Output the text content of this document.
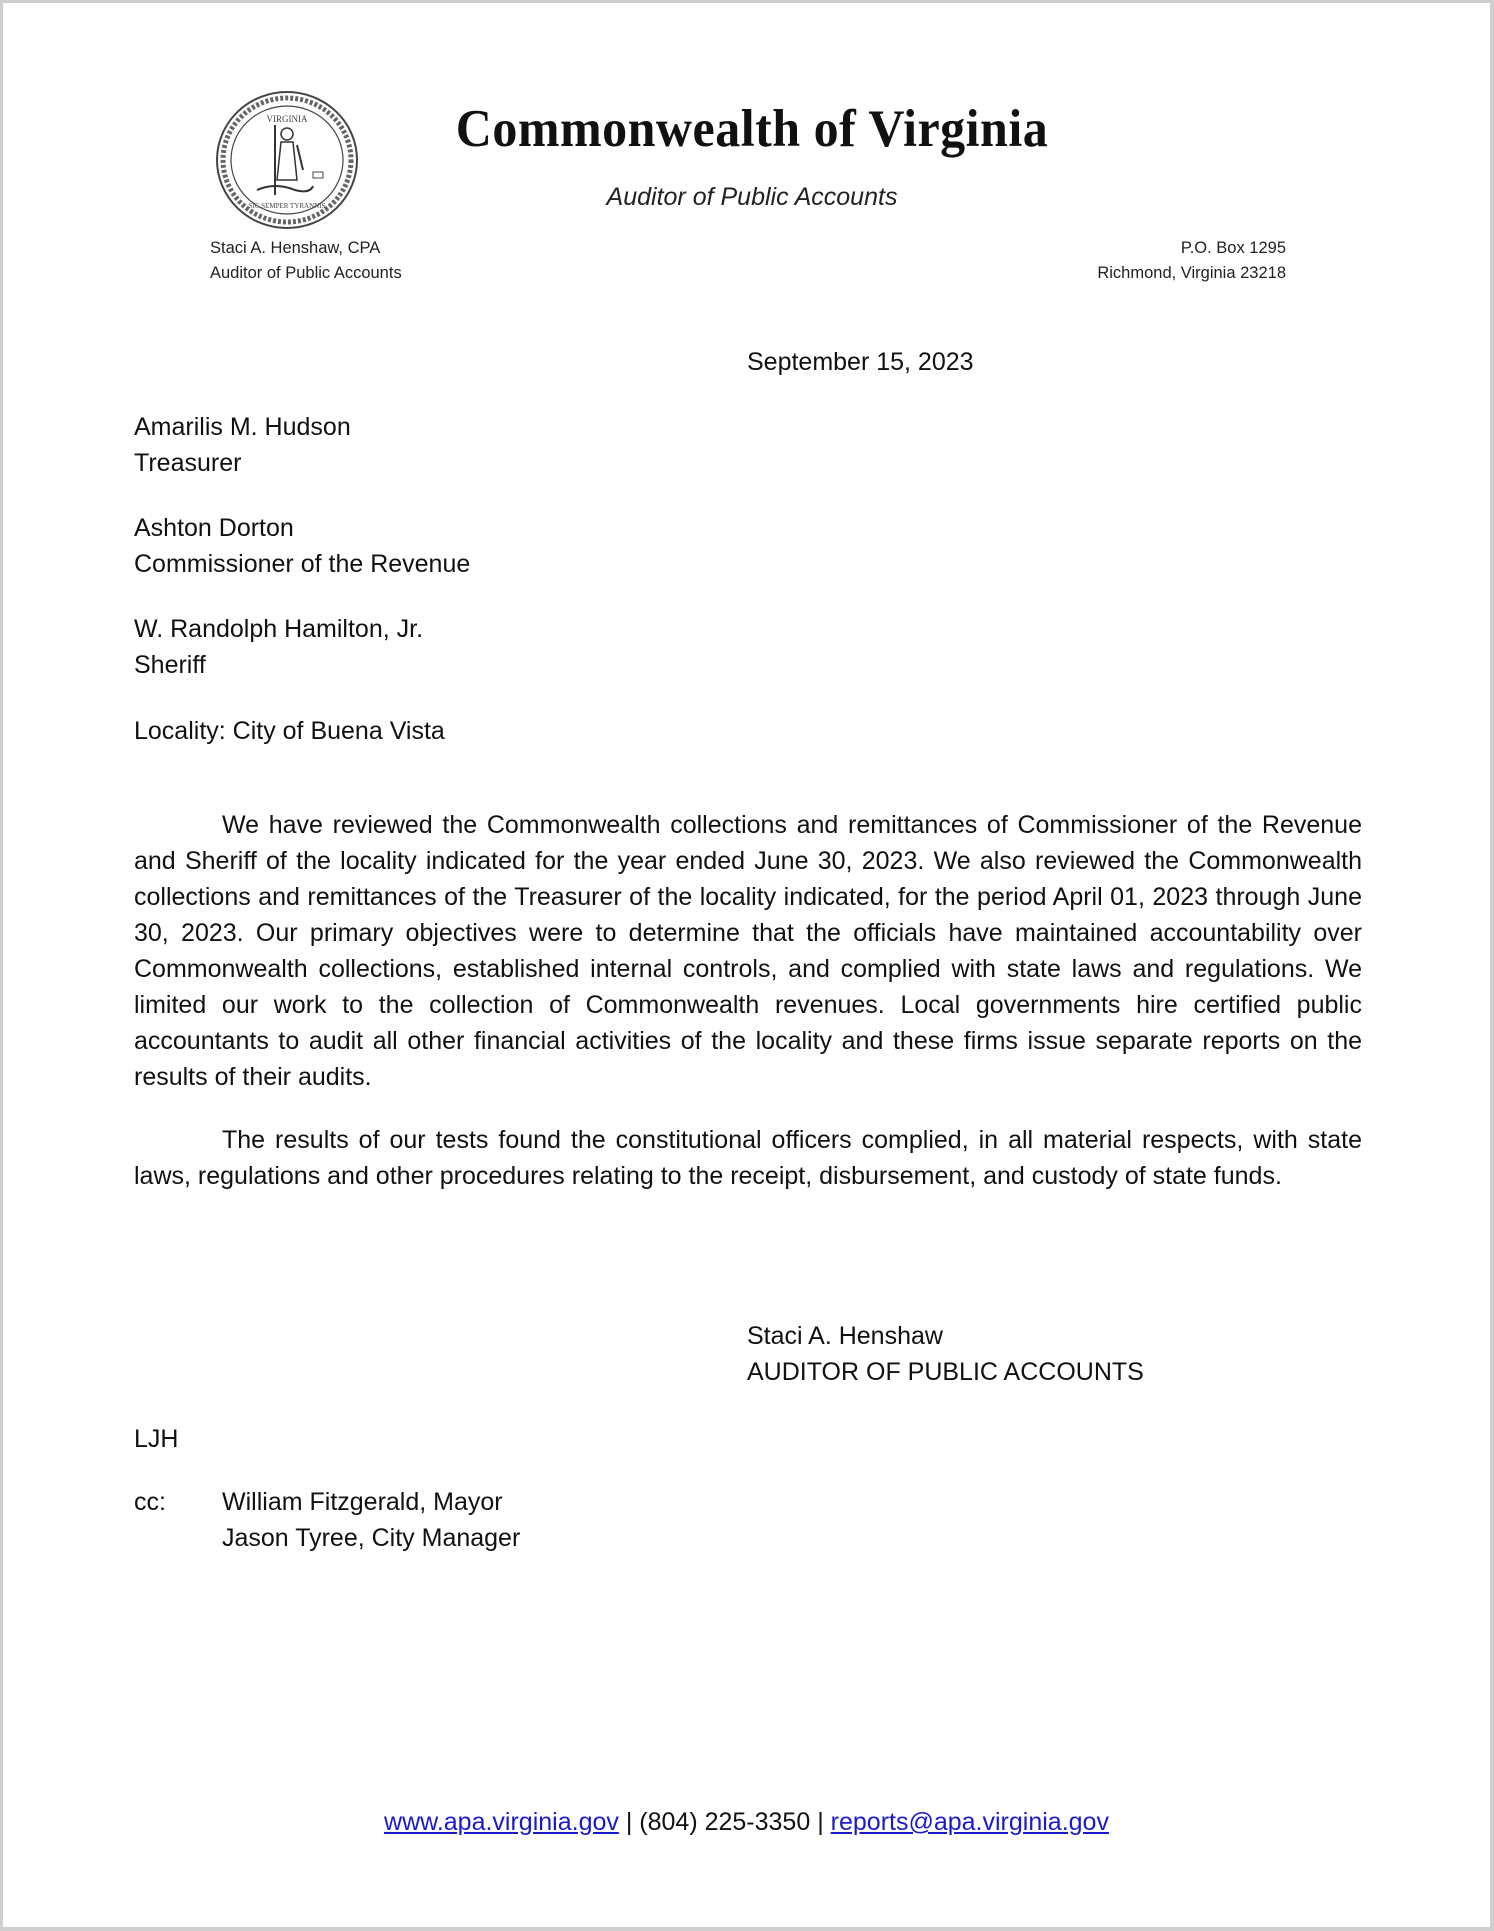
VIRGINIA
SIC SEMPER TYRANNIS
Commonwealth of Virginia
Auditor of Public Accounts
Staci A. Henshaw, CPA
Auditor of Public Accounts
P.O. Box 1295
Richmond, Virginia 23218
September 15, 2023
Amarilis M. Hudson
Treasurer
Ashton Dorton
Commissioner of the Revenue
W. Randolph Hamilton, Jr.
Sheriff
Locality: City of Buena Vista
We have reviewed the Commonwealth collections and remittances of Commissioner of the Revenue and Sheriff of the locality indicated for the year ended June 30, 2023. We also reviewed the Commonwealth collections and remittances of the Treasurer of the locality indicated, for the period April 01, 2023 through June 30, 2023. Our primary objectives were to determine that the officials have maintained accountability over Commonwealth collections, established internal controls, and complied with state laws and regulations. We limited our work to the collection of Commonwealth revenues. Local governments hire certified public accountants to audit all other financial activities of the locality and these firms issue separate reports on the results of their audits.
The results of our tests found the constitutional officers complied, in all material respects, with state laws, regulations and other procedures relating to the receipt, disbursement, and custody of state funds.
Staci A. Henshaw
AUDITOR OF PUBLIC ACCOUNTS
LJH
cc: William Fitzgerald, Mayor
Jason Tyree, City Manager
www.apa.virginia.gov | (804) 225-3350 | reports@apa.virginia.gov
